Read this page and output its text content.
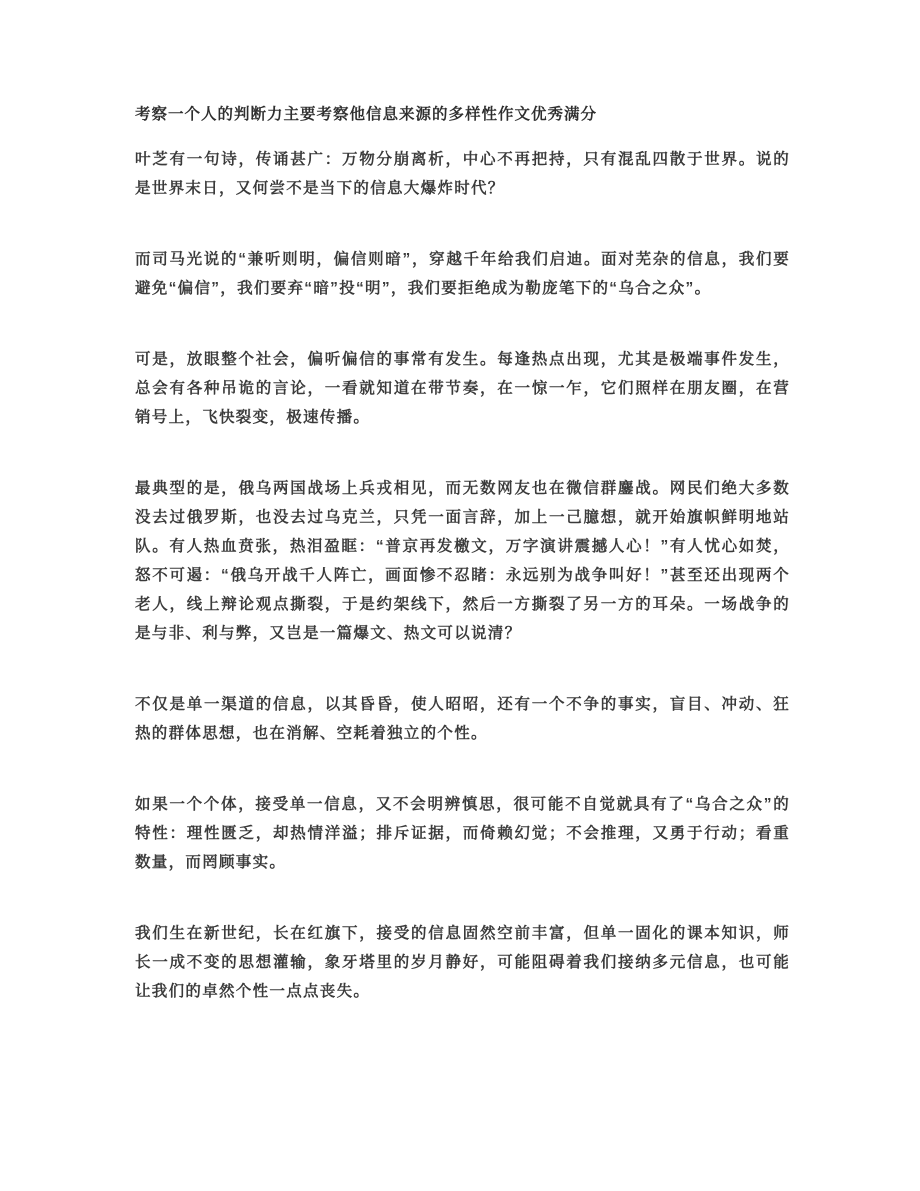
考察一个人的判断力主要考察他信息来源的多样性作文优秀满分

叶芝有一句诗，传诵甚广：万物分崩离析，中心不再把持，只有混乱四散于世界。说的是世界末日，又何尝不是当下的信息大爆炸时代？

而司马光说的“兼听则明，偏信则暗”，穿越千年给我们启迪。面对芜杂的信息，我们要避免“偏信”，我们要弃“暗”投“明”，我们要拒绝成为勒庞笔下的“乌合之众”。

可是，放眼整个社会，偏听偏信的事常有发生。每逢热点出现，尤其是极端事件发生，总会有各种吊诡的言论，一看就知道在带节奏，在一惊一乍，它们照样在朋友圈，在营销号上，飞快裂变，极速传播。

最典型的是，俄乌两国战场上兵戎相见，而无数网友也在微信群鏖战。网民们绝大多数没去过俄罗斯，也没去过乌克兰，只凭一面言辞，加上一己臆想，就开始旗帜鲜明地站队。有人热血贲张，热泪盈眶：“普京再发檄文，万字演讲震撼人心！”有人忧心如焚，怒不可遏：“俄乌开战千人阵亡，画面惨不忍睹：永远别为战争叫好！”甚至还出现两个老人，线上辩论观点撕裂，于是约架线下，然后一方撕裂了另一方的耳朵。一场战争的是与非、利与弊，又岂是一篇爆文、热文可以说清？

不仅是单一渠道的信息，以其昏昏，使人昭昭，还有一个不争的事实，盲目、冲动、狂热的群体思想，也在消解、空耗着独立的个性。

如果一个个体，接受单一信息，又不会明辨慎思，很可能不自觉就具有了“乌合之众”的特性：理性匮乏，却热情洋溢；排斥证据，而倚赖幻觉；不会推理，又勇于行动；看重数量，而罔顾事实。

我们生在新世纪，长在红旗下，接受的信息固然空前丰富，但单一固化的课本知识，师长一成不变的思想灌输，象牙塔里的岁月静好，可能阻碍着我们接纳多元信息，也可能让我们的卓然个性一点点丧失。
